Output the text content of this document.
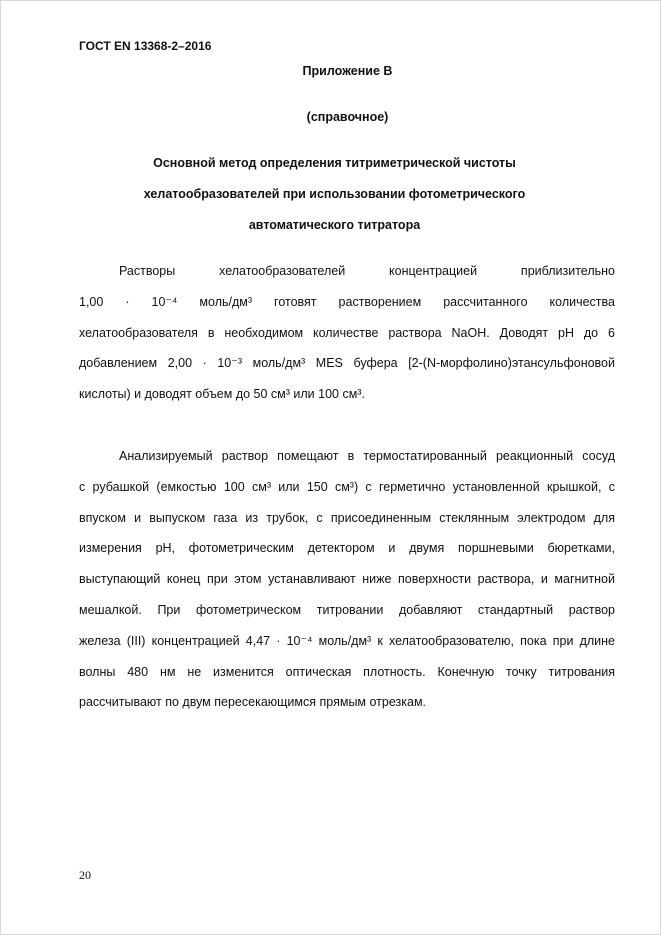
ГОСТ EN 13368-2–2016
Приложение В
(справочное)
Основной метод определения титриметрической чистоты
хелатообразователей при использовании фотометрического
автоматического титратора
Растворы хелатообразователей концентрацией приблизительно
1,00 · 10⁻⁴ моль/дм³ готовят растворением рассчитанного количества
хелатообразователя в необходимом количестве раствора NaOH. Доводят pH до 6
добавлением 2,00 · 10⁻³ моль/дм³ MES буфера [2-(N-морфолино)этансульфоновой
кислоты) и доводят объем до 50 см³ или 100 см³.
Анализируемый раствор помещают в термостатированный реакционный сосуд
с рубашкой (емкостью 100 см³ или 150 см³) с герметично установленной крышкой, с
впуском и выпуском газа из трубок, с присоединенным стеклянным электродом для
измерения pH, фотометрическим детектором и двумя поршневыми бюретками,
выступающий конец при этом устанавливают ниже поверхности раствора, и магнитной
мешалкой. При фотометрическом титровании добавляют стандартный раствор
железа (III) концентрацией 4,47 · 10⁻⁴ моль/дм³ к хелатообразователю, пока при длине
волны 480 нм не изменится оптическая плотность. Конечную точку титрования
рассчитывают по двум пересекающимся прямым отрезкам.
20
